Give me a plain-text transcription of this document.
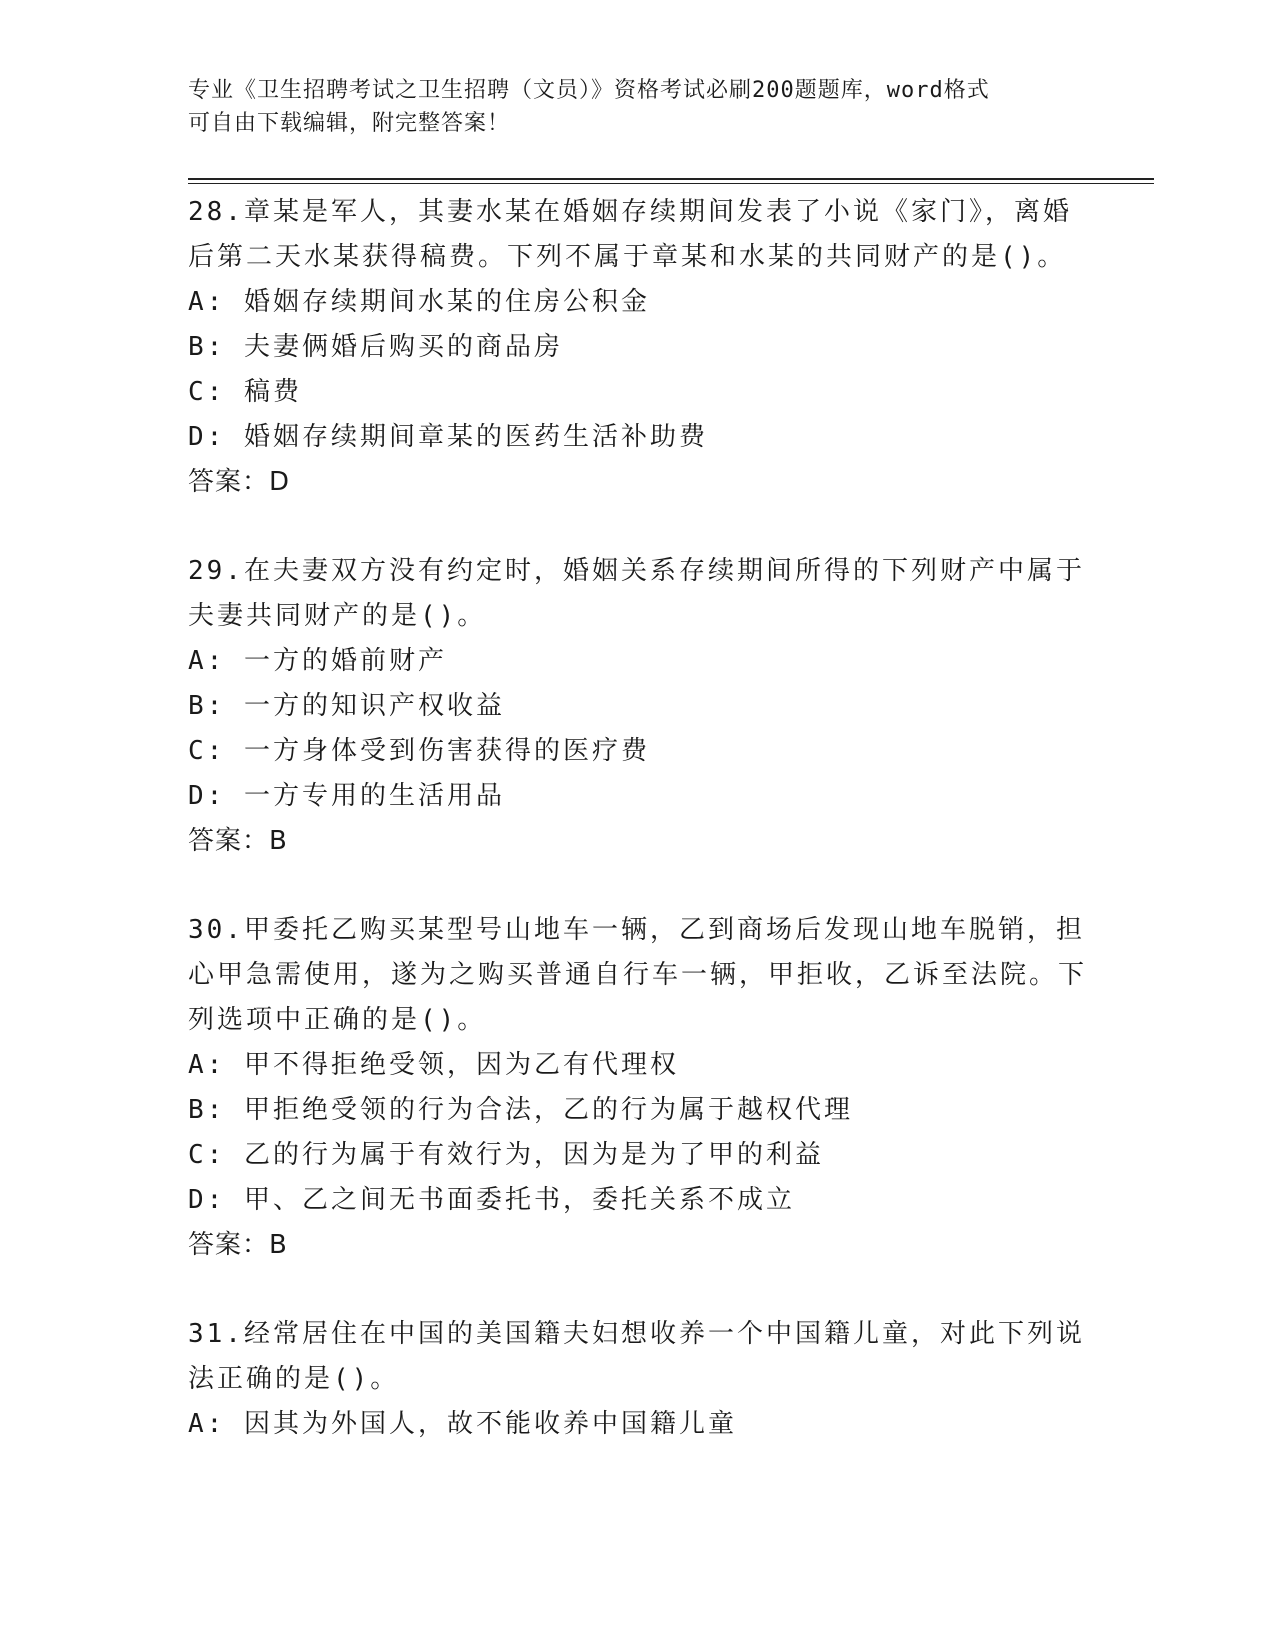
专业《卫生招聘考试之卫生招聘（文员）》资格考试必刷200题题库，word格式
可自由下载编辑，附完整答案！
28.章某是军人，其妻水某在婚姻存续期间发表了小说《家门》，离婚后第二天水某获得稿费。下列不属于章某和水某的共同财产的是()。
A: 婚姻存续期间水某的住房公积金
B: 夫妻俩婚后购买的商品房
C: 稿费
D: 婚姻存续期间章某的医药生活补助费
答案：D
29.在夫妻双方没有约定时，婚姻关系存续期间所得的下列财产中属于夫妻共同财产的是()。
A: 一方的婚前财产
B: 一方的知识产权收益
C: 一方身体受到伤害获得的医疗费
D: 一方专用的生活用品
答案：B
30.甲委托乙购买某型号山地车一辆，乙到商场后发现山地车脱销，担心甲急需使用，遂为之购买普通自行车一辆，甲拒收，乙诉至法院。下列选项中正确的是()。
A: 甲不得拒绝受领，因为乙有代理权
B: 甲拒绝受领的行为合法，乙的行为属于越权代理
C: 乙的行为属于有效行为，因为是为了甲的利益
D: 甲、乙之间无书面委托书，委托关系不成立
答案：B
31.经常居住在中国的美国籍夫妇想收养一个中国籍儿童，对此下列说法正确的是()。
A: 因其为外国人，故不能收养中国籍儿童
